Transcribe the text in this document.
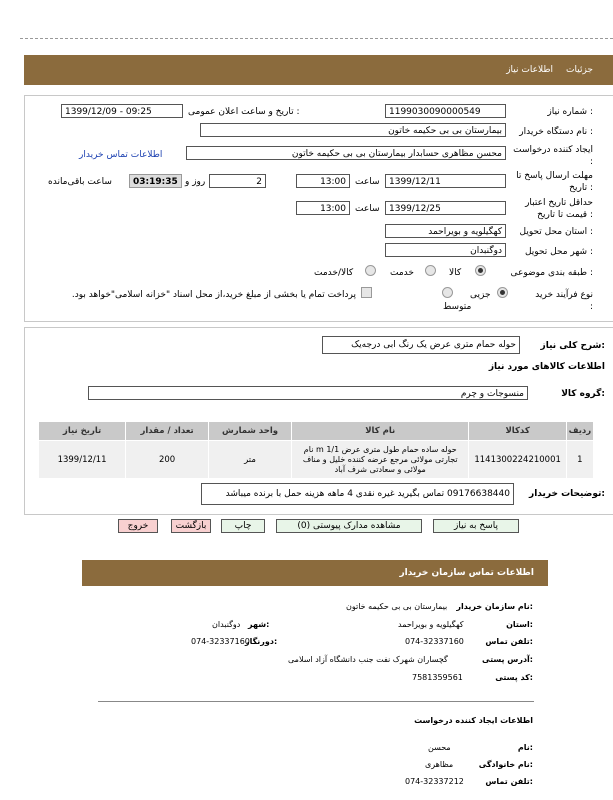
جزئیات
اطلاعات نیاز
شماره نیاز :
1199030090000549
تاریخ و ساعت اعلان عمومی :
1399/12/09 - 09:25
نام دستگاه خریدار :
بیمارستان بی بی حکیمه خاتون
ایجاد کننده درخواست :
محسن مظاهری حسابدار بیمارستان بی بی حکیمه خاتون
اطلاعات تماس خریدار
مهلت ارسال پاسخ تا تاریخ :
1399/12/11
ساعت
13:00
2
روز و
03:19:35
ساعت باقی‌مانده
حداقل تاریخ اعتبار قیمت تا تاریخ :
1399/12/25
ساعت
13:00
استان محل تحویل :
کهگیلویه و بویراحمد
شهر محل تحویل :
دوگنبدان
طبقه بندی موضوعی :
کالا
خدمت
کالا/خدمت
نوع فرآیند خرید :
جزیی
متوسط
پرداخت تمام یا بخشی از مبلغ خرید،از محل اسناد "خزانه اسلامی"خواهد بود.
شرح کلی نیاز:
حوله حمام متری عرض یک رنگ ابی درجه‌یک
اطلاعات کالاهای مورد نیاز
گروه کالا:
منسوجات و چرم
تاریخ نیاز	تعداد / مقدار	واحد شمارش	نام کالا	کدکالا	ردیف
1399/12/11	200	متر	حوله ساده حمام طول متری عرض 1/1 m نام تجارتی مولائی مرجع عرضه کننده خلیل و مناف مولائی و سعادتی شرف آباد	1141300224210001	1
توضیحات خریدار:
09176638440 تماس بگیرید غیره نقدی 4 ماهه هزینه حمل با برنده میباشد
پاسخ به نیاز
مشاهده مدارک پیوستی (0)
چاپ
بازگشت
خروج
اطلاعات تماس سازمان خریدار
نام سازمان خریدار:
بیمارستان بی بی حکیمه خاتون
استان:
کهگیلویه و بویراحمد
شهر:
دوگنبدان
تلفن تماس:
074-32337160
دورنگار:
074-32337160
آدرس پستی:
گچساران شهرک نفت جنب دانشگاه آزاد اسلامی
کد پستی:
7581359561
اطلاعات ایجاد کننده درخواست
نام:
محسن
نام خانوادگی:
مظاهری
تلفن تماس:
074-32337212
